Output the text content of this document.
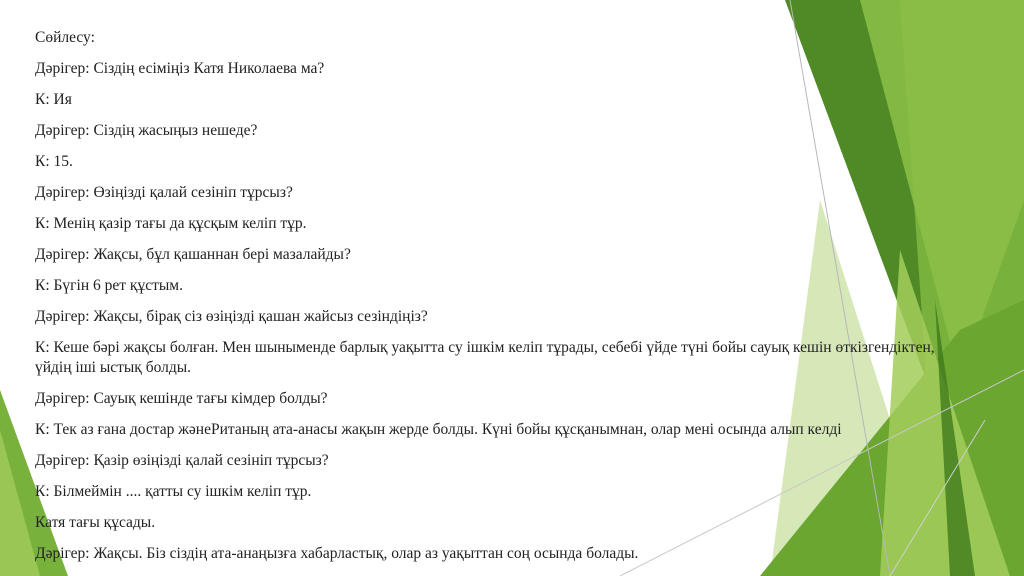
Сөйлесу:

Дәрігер: Сіздің есіміңіз Катя Николаева ма?

К: Ия

Дәрігер: Сіздің жасыңыз нешеде?

К: 15.

Дәрігер: Өзіңізді қалай сезініп тұрсыз?

К: Менің қазір тағы да құсқым келіп тұр.

Дәрігер: Жақсы, бұл қашаннан бері мазалайды?

К: Бүгін 6 рет құстым.

Дәрігер: Жақсы, бірақ сіз өзіңізді қашан жайсыз сезіндіңіз?

К: Кеше бәрі жақсы болған. Мен шыныменде барлық уақытта су ішкім келіп тұрады, себебі үйде түні бойы сауық кешін өткізгендіктен, үйдің іші ыстық болды.

Дәрігер: Сауық кешінде тағы кімдер болды?

К: Тек аз ғана достар жәнеРитаның ата-анасы жақын жерде болды. Күні бойы құсқанымнан, олар мені осында алып келді

Дәрігер: Қазір өзіңізді қалай сезініп тұрсыз?

К: Білмеймін .... қатты су ішкім келіп тұр.

Катя тағы құсады.

Дәрігер: Жақсы. Біз сіздің ата-анаңызға хабарластық, олар аз уақыттан соң осында болады.
